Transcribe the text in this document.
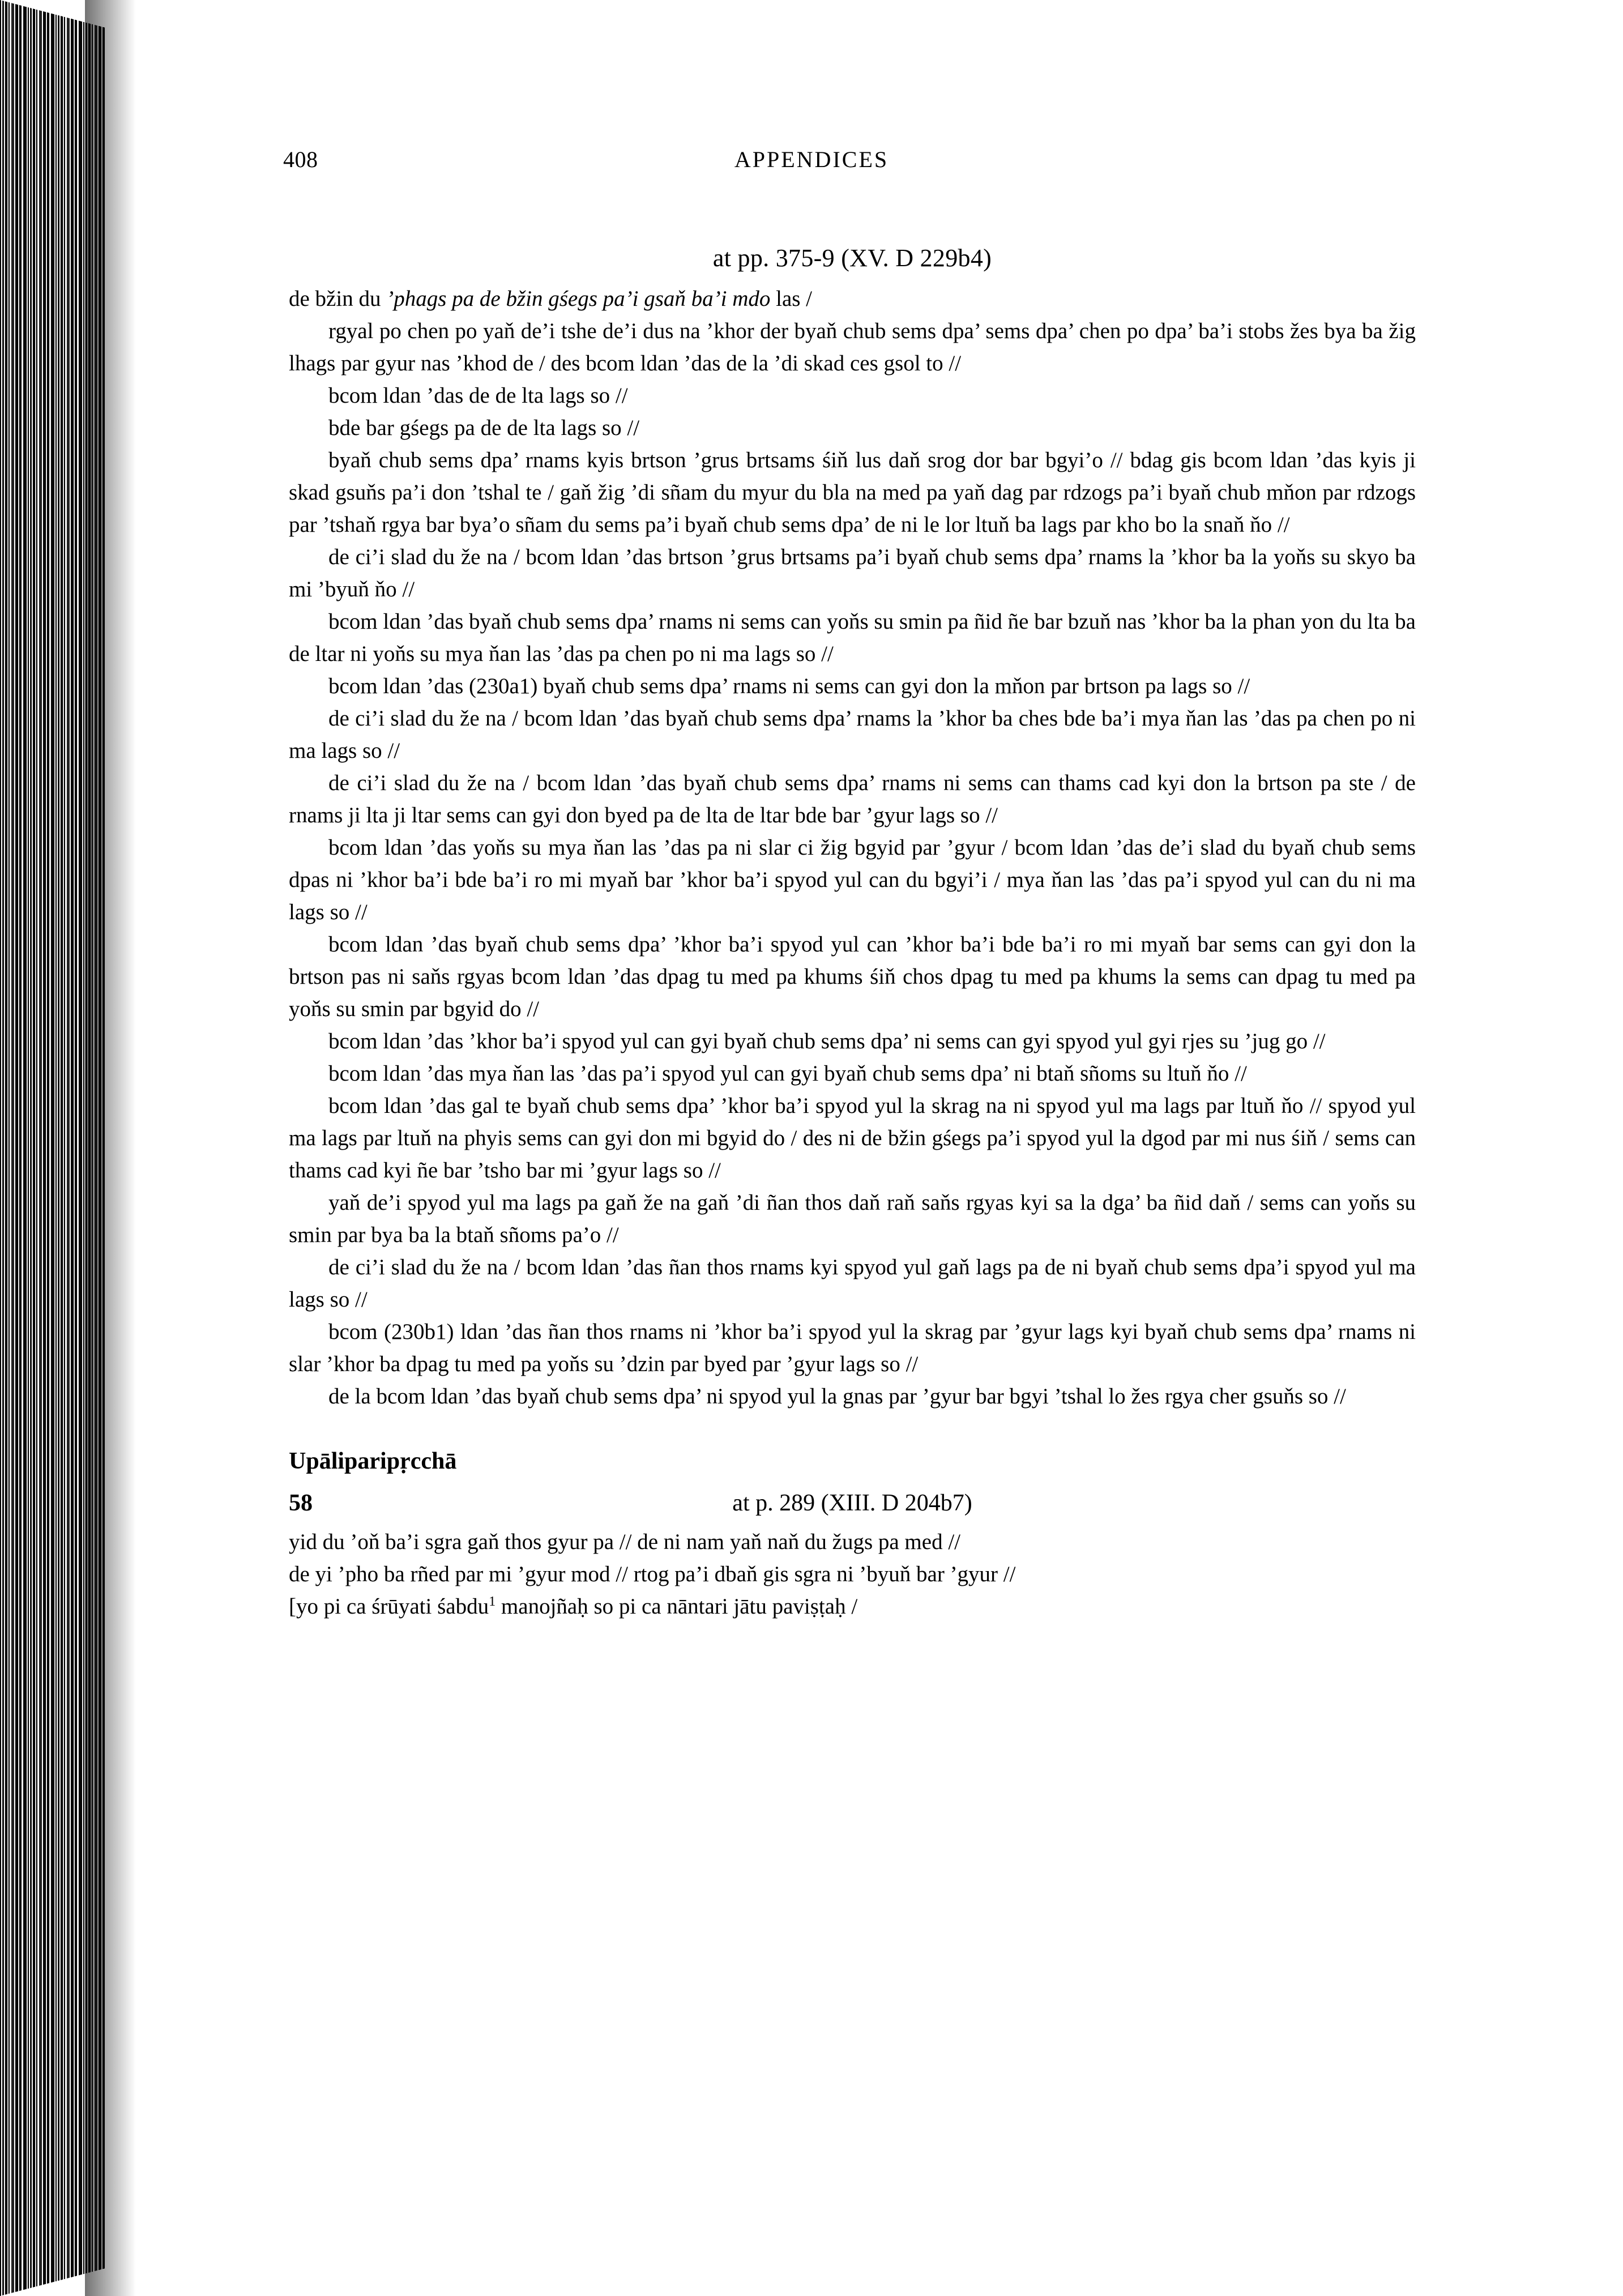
408	APPENDICES
at pp. 375-9 (XV. D 229b4)

de bžin du ’phags pa de bžin gśegs pa’i gsaň ba’i mdo las /

rgyal po chen po yaň de’i tshe de’i dus na ’khor der byaň chub sems dpa’ sems dpa’ chen po dpa’ ba’i stobs žes bya ba žig lhags par gyur nas ’khod de / des bcom ldan ’das de la ’di skad ces gsol to //

bcom ldan ’das de de lta lags so //

bde bar gśegs pa de de lta lags so //

byaň chub sems dpa’ rnams kyis brtson ’grus brtsams śiň lus daň srog dor bar bgyi’o // bdag gis bcom ldan ’das kyis ji skad gsuňs pa’i don ’tshal te / gaň žig ’di sñam du myur du bla na med pa yaň dag par rdzogs pa’i byaň chub mňon par rdzogs par ’tshaň rgya bar bya’o sñam du sems pa’i byaň chub sems dpa’ de ni le lor ltuň ba lags par kho bo la snaň ňo //

de ci’i slad du že na / bcom ldan ’das brtson ’grus brtsams pa’i byaň chub sems dpa’ rnams la ’khor ba la yoňs su skyo ba mi ’byuň ňo //

bcom ldan ’das byaň chub sems dpa’ rnams ni sems can yoňs su smin pa ñid ñe bar bzuň nas ’khor ba la phan yon du lta ba de ltar ni yoňs su mya ňan las ’das pa chen po ni ma lags so //

bcom ldan ’das (230a1) byaň chub sems dpa’ rnams ni sems can gyi don la mňon par brtson pa lags so //

de ci’i slad du že na / bcom ldan ’das byaň chub sems dpa’ rnams la ’khor ba ches bde ba’i mya ňan las ’das pa chen po ni ma lags so //

de ci’i slad du že na / bcom ldan ’das byaň chub sems dpa’ rnams ni sems can thams cad kyi don la brtson pa ste / de rnams ji lta ji ltar sems can gyi don byed pa de lta de ltar bde bar ’gyur lags so //

bcom ldan ’das yoňs su mya ňan las ’das pa ni slar ci žig bgyid par ’gyur / bcom ldan ’das de’i slad du byaň chub sems dpas ni ’khor ba’i bde ba’i ro mi myaň bar ’khor ba’i spyod yul can du bgyi’i / mya ňan las ’das pa’i spyod yul can du ni ma lags so //

bcom ldan ’das byaň chub sems dpa’ ’khor ba’i spyod yul can ’khor ba’i bde ba’i ro mi myaň bar sems can gyi don la brtson pas ni saňs rgyas bcom ldan ’das dpag tu med pa khums śiň chos dpag tu med pa khums la sems can dpag tu med pa yoňs su smin par bgyid do //

bcom ldan ’das ’khor ba’i spyod yul can gyi byaň chub sems dpa’ ni sems can gyi spyod yul gyi rjes su ’jug go //

bcom ldan ’das mya ňan las ’das pa’i spyod yul can gyi byaň chub sems dpa’ ni btaň sñoms su ltuň ňo //

bcom ldan ’das gal te byaň chub sems dpa’ ’khor ba’i spyod yul la skrag na ni spyod yul ma lags par ltuň ňo // spyod yul ma lags par ltuň na phyis sems can gyi don mi bgyid do / des ni de bžin gśegs pa’i spyod yul la dgod par mi nus śiň / sems can thams cad kyi ñe bar ’tsho bar mi ’gyur lags so //

yaň de’i spyod yul ma lags pa gaň že na gaň ’di ñan thos daň raň saňs rgyas kyi sa la dga’ ba ñid daň / sems can yoňs su smin par bya ba la btaň sñoms pa’o //

de ci’i slad du že na / bcom ldan ’das ñan thos rnams kyi spyod yul gaň lags pa de ni byaň chub sems dpa’i spyod yul ma lags so //

bcom (230b1) ldan ’das ñan thos rnams ni ’khor ba’i spyod yul la skrag par ’gyur lags kyi byaň chub sems dpa’ rnams ni slar ’khor ba dpag tu med pa yoňs su ’dzin par byed par ’gyur lags so //

de la bcom ldan ’das byaň chub sems dpa’ ni spyod yul la gnas par ’gyur bar bgyi ’tshal lo žes rgya cher gsuňs so //

Upāliparipṛcchā
58	at p. 289 (XIII. D 204b7)

yid du ’oň ba’i sgra gaň thos gyur pa // de ni nam yaň naň du žugs pa med //

de yi ’pho ba rñed par mi ’gyur mod // rtog pa’i dbaň gis sgra ni ’byuň bar ’gyur //

[yo pi ca śrūyati śabdu$^1$ manojñaḥ so pi ca nāntari jātu paviṣṭaḥ /
